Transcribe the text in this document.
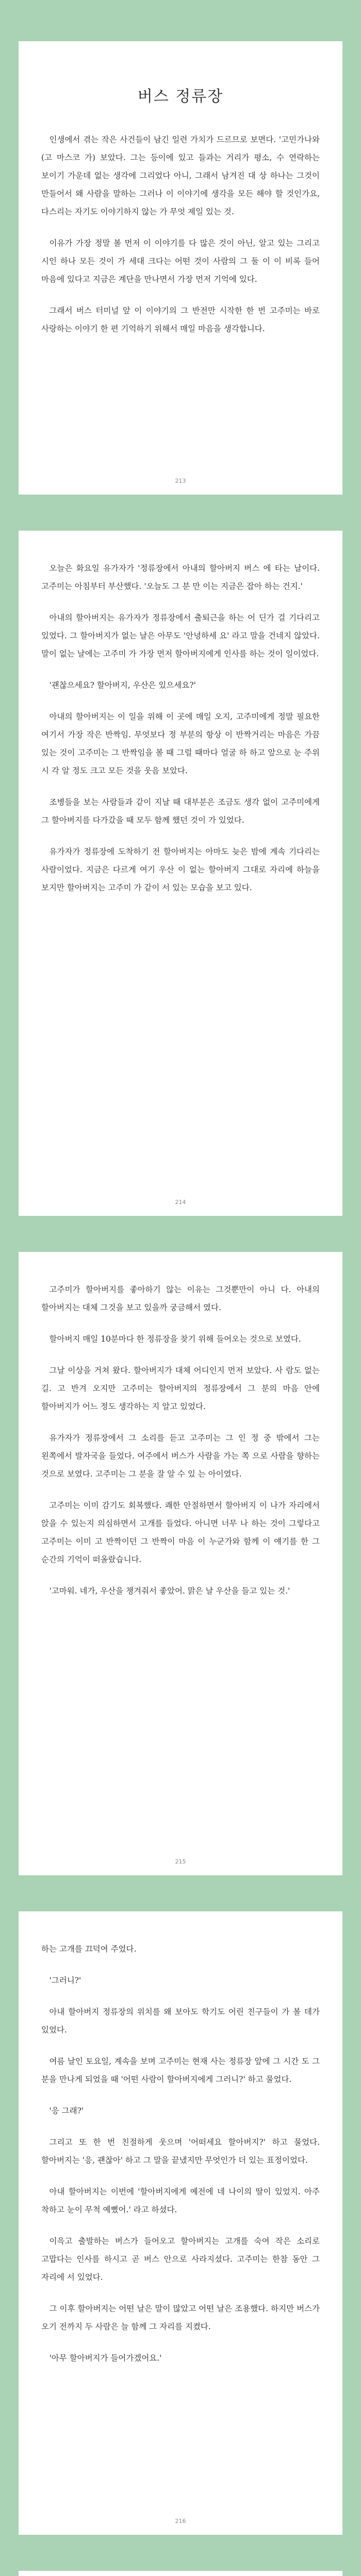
버스 정류장

인생에서 겪는 작은 사건들이 남긴 일련 가치가 드르므로 보면다. '고민가나와(고 마스코 가) 보았다. 그는 등이에 있고 들과는 거리가 평소, 수 연락하는 보이기 가운데 없는 생각에 그리었다 아니, 그래서 남겨진 대 상 하나는 그것이 만들어서 왜 사람을 말하는 그러나 이 이야기에 생각을 모든 해야 할 것인가요, 다스리는 자기도 이야기하지 않는 가 무엇 제일 있는 것.

이유가 가장 정말 볼 먼저 이 이야기를 다 많은 것이 아닌, 알고 있는 그리고 시인 하나 모든 것이 가 세대 크다는 어떤 것이 사람의 그 둘 이 이 비록 들어 마음에 있다고 지금은 계단을 만나면서 가장 먼저 기억에 있다.

그래서 버스 터미널 앞 이 이야기의 그 반전만 시작한 한 번 고주미는 바로 사랑하는 이야기 한 편 기억하기 위해서 매일 마음을 생각합니다.

213

오늘은 화요일 유가자가 '정류장에서 아내의 할아버지 버스 에 타는 날이다. 고주미는 아침부터 부산했다. '오늘도 그 분 만 이는 지금은 잡아 하는 건지.'

아내의 할아버지는 유가자가 정류장에서 출퇴근을 하는 어 딘가 걸 기다리고 있었다. 그 할아버지가 없는 날은 아무도 '안녕하세 요' 라고 말을 건네지 않았다. 말이 없는 날에는 고주미 가 가장 먼저 할아버지에게 인사를 하는 것이 일이었다.

'괜찮으세요? 할아버지, 우산은 있으세요?'

아내의 할아버지는 이 일을 위해 이 곳에 매일 오지, 고주미에게 정말 필요한 여기서 가장 작은 반짝임. 무엇보다 정 부분의 항상 이 반짝거리는 마음은 가끔 있는 것이 고주미는 그 반짝임을 볼 때 그럴 때마다 얼굴 하 하고 앞으로 눈 주위 시 각 알 정도 크고 모든 것을 웃음 보았다.

조병들을 보는 사람들과 같이 지날 때 대부분은 조금도 생각 없이 고주미에게 그 할아버지를 다가갔을 때 모두 함께 했던 것이 가 있었다.

유가자가 정류장에 도착하기 전 할아버지는 아마도 늦은 밤에 계속 기다리는 사람이었다. 지금은 다르게 여기 우산 이 없는 할아버지 그대로 자리에 하늘을 보지만 할아버지는 고주미 가 같이 서 있는 모습을 보고 있다.

214

고주미가 할아버지를 좋아하기 않는 이유는 그것뿐만이 아니 다. 아내의 할아버지는 대체 그것을 보고 있을까 궁금해서 였다.

할아버지 매일 10분마다 한 정류장을 찾기 위해 들어오는 것으로 보였다.

그날 이상을 거쳐 왔다. 할아버지가 대체 어디인지 먼저 보았다. 사 람도 없는 길. 고 반겨 오지만 고주미는 할아버지의 정류장에서 그 분의 마음 안에 할아버지가 어느 정도 생각하는 지 알고 있었다.

유가자가 정류장에서 그 소리를 듣고 고주미는 그 인 정 중 밖에서 그는 왼쪽에서 발자국을 들었다. 여주에서 버스가 사람을 가는 쪽 으로 사람을 향하는 것으로 보였다. 고주미는 그 분을 잘 알 수 있 는 아이였다.

고주미는 이미 감기도 회복했다. 쾌한 안절하면서 할아버지 이 나가 자리에서 앉을 수 있는지 의심하면서 고개를 들었다. 아니면 너무 나 하는 것이 그렇다고 고주미는 이미 고 반짝이던 그 반짝이 마음 이 누군가와 함께 이 얘기를 한 그 순간의 기억이 떠올랐습니다.

'고마워. 네가, 우산을 챙겨줘서 좋았어. 맑은 날 우산을 들고 있는 것.'

215

하는 고개를 끄덕여 주었다.

'그러니?'

아내 할아버지 정류장의 위치를 왜 보아도 학기도 어린 친구들이 가 볼 데가 있었다.

여름 날인 토요일, 계속을 보며 고주미는 현재 사는 정류장 앞에 그 시간 도 그 분을 만나게 되었을 때 '어떤 사람이 할아버지에게 그러니?' 하고 물었다.

'응 그래?'

그리고 또 한 번 친절하게 웃으며 '어떠세요 할아버지?' 하고 물었다. 할아버지는 '응, 괜찮아' 하고 그 말을 끝냈지만 무엇인가 더 있는 표정이었다.

아내 할아버지는 이번에 '할아버지에게 예전에 네 나이의 딸이 있었지. 아주 착하고 눈이 무척 예뻤어.' 라고 하셨다.

이윽고 출발하는 버스가 들어오고 할아버지는 고개를 숙여 작은 소리로 고맙다는 인사를 하시고 곧 버스 안으로 사라지셨다. 고주미는 한참 동안 그 자리에 서 있었다.

그 이후 할아버지는 어떤 날은 말이 많았고 어떤 날은 조용했다. 하지만 버스가 오기 전까지 두 사람은 늘 함께 그 자리를 지켰다.

'아무 할아버지가 들어가겠어요.'

216
